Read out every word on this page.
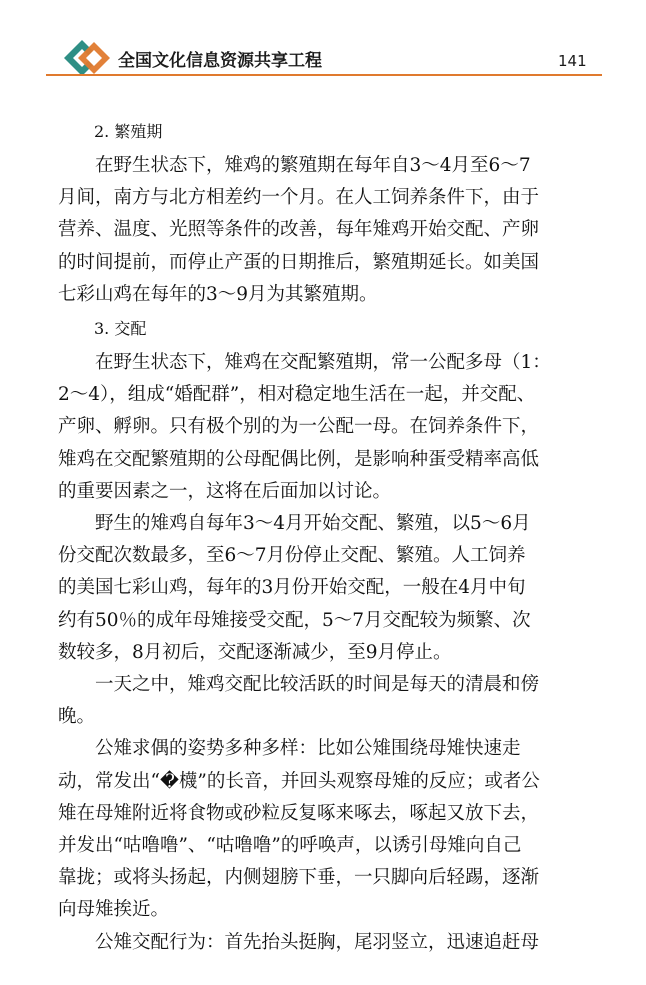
全国文化信息资源共享工程	141
2. 繁殖期

在野生状态下，雉鸡的繁殖期在每年自3～4月至6～7
月间，南方与北方相差约一个月。在人工饲养条件下，由于
营养、温度、光照等条件的改善，每年雉鸡开始交配、产卵
的时间提前，而停止产蛋的日期推后，繁殖期延长。如美国
七彩山鸡在每年的3～9月为其繁殖期。

3. 交配

在野生状态下，雉鸡在交配繁殖期，常一公配多母（1：
2～4），组成“婚配群”，相对稳定地生活在一起，并交配、
产卵、孵卵。只有极个别的为一公配一母。在饲养条件下，
雉鸡在交配繁殖期的公母配偶比例，是影响种蛋受精率高低
的重要因素之一，这将在后面加以讨论。

野生的雉鸡自每年3～4月开始交配、繁殖，以5～6月
份交配次数最多，至6～7月份停止交配、繁殖。人工饲养
的美国七彩山鸡，每年的3月份开始交配，一般在4月中旬
约有50％的成年母雉接受交配，5～7月交配较为频繁、次
数较多，8月初后，交配逐渐减少，至9月停止。

一天之中，雉鸡交配比较活跃的时间是每天的清晨和傍
晚。

公雉求偶的姿势多种多样：比如公雉围绕母雉快速走
动，常发出“�櫗”的长音，并回头观察母雉的反应；或者公
雉在母雉附近将食物或砂粒反复啄来啄去，啄起又放下去，
并发出“咕噜噜”、“咕噜噜”的呼唤声，以诱引母雉向自己
靠拢；或将头扬起，内侧翅膀下垂，一只脚向后轻踢，逐渐
向母雉挨近。

公雉交配行为：首先抬头挺胸，尾羽竖立，迅速追赶母
